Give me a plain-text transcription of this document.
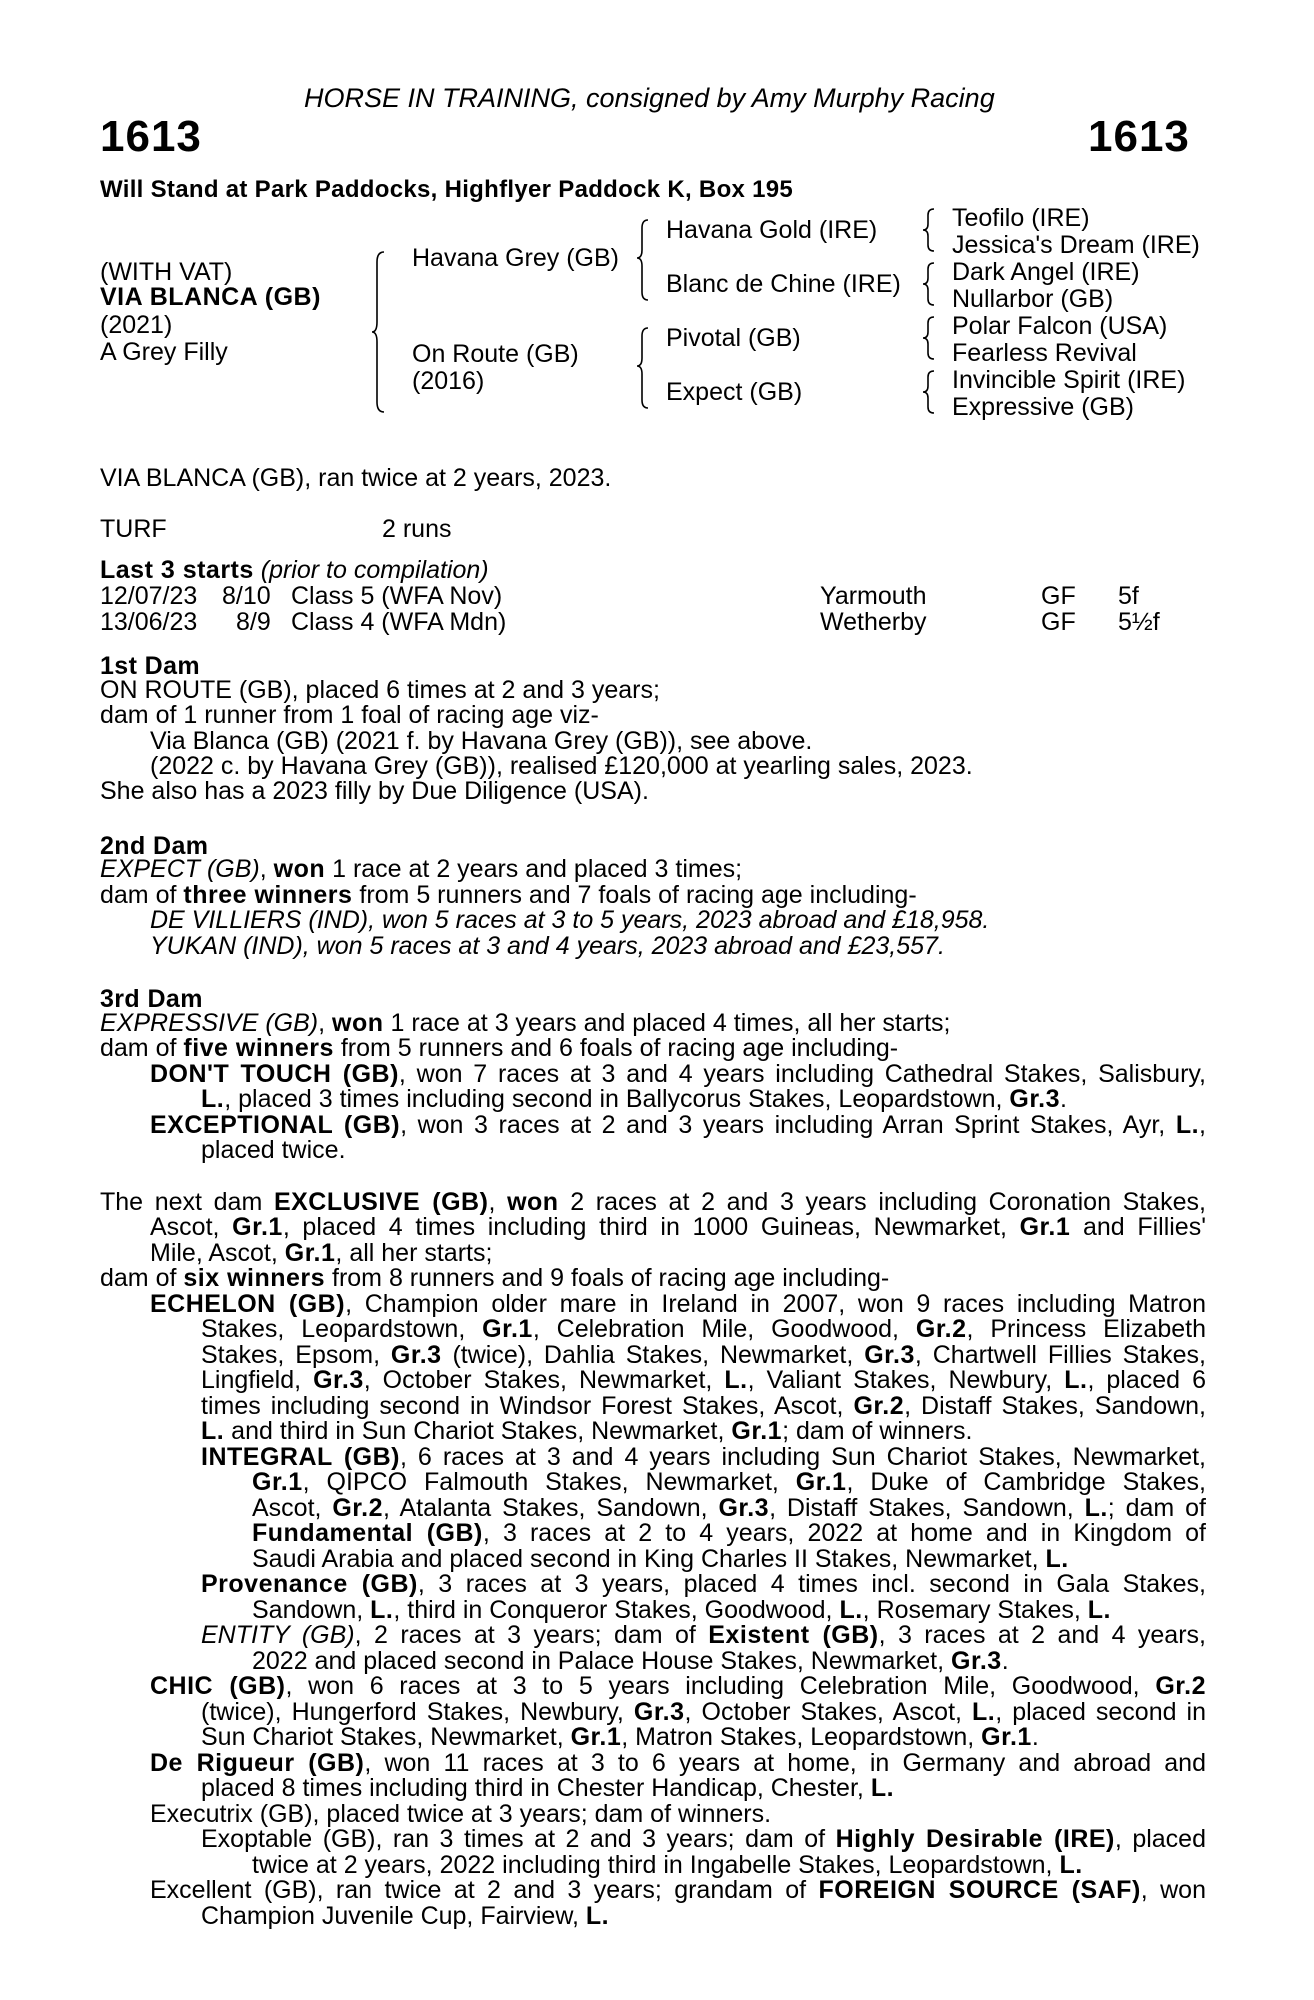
HORSE IN TRAINING, consigned by Amy Murphy Racing
1613	1613
Will Stand at Park Paddocks, Highflyer Paddock K, Box 195
(WITH VAT)
VIA BLANCA (GB)
(2021)
A Grey Filly
Havana Grey (GB)
On Route (GB)
(2016)
Havana Gold (IRE)
Blanc de Chine (IRE)
Pivotal (GB)
Expect (GB)
Teofilo (IRE)
Jessica's Dream (IRE)
Dark Angel (IRE)
Nullarbor (GB)
Polar Falcon (USA)
Fearless Revival
Invincible Spirit (IRE)
Expressive (GB)
VIA BLANCA (GB), ran twice at 2 years, 2023.
TURF	2 runs
Last 3 starts (prior to compilation)
12/07/23 8/10 Class 5 (WFA Nov)	Yarmouth	GF 5f
13/06/23 8/9 Class 4 (WFA Mdn)	Wetherby	GF 5½f
1st Dam
ON ROUTE (GB), placed 6 times at 2 and 3 years;
dam of 1 runner from 1 foal of racing age viz-
Via Blanca (GB) (2021 f. by Havana Grey (GB)), see above.
(2022 c. by Havana Grey (GB)), realised £120,000 at yearling sales, 2023.
She also has a 2023 filly by Due Diligence (USA).
2nd Dam
EXPECT (GB), won 1 race at 2 years and placed 3 times;
dam of three winners from 5 runners and 7 foals of racing age including-
DE VILLIERS (IND), won 5 races at 3 to 5 years, 2023 abroad and £18,958.
YUKAN (IND), won 5 races at 3 and 4 years, 2023 abroad and £23,557.
3rd Dam
EXPRESSIVE (GB), won 1 race at 3 years and placed 4 times, all her starts;
dam of five winners from 5 runners and 6 foals of racing age including-
DON'T TOUCH (GB), won 7 races at 3 and 4 years including Cathedral Stakes, Salisbury,
L., placed 3 times including second in Ballycorus Stakes, Leopardstown, Gr.3.
EXCEPTIONAL (GB), won 3 races at 2 and 3 years including Arran Sprint Stakes, Ayr, L.,
placed twice.
The next dam EXCLUSIVE (GB), won 2 races at 2 and 3 years including Coronation Stakes,
Ascot, Gr.1, placed 4 times including third in 1000 Guineas, Newmarket, Gr.1 and Fillies'
Mile, Ascot, Gr.1, all her starts;
dam of six winners from 8 runners and 9 foals of racing age including-
ECHELON (GB), Champion older mare in Ireland in 2007, won 9 races including Matron
Stakes, Leopardstown, Gr.1, Celebration Mile, Goodwood, Gr.2, Princess Elizabeth
Stakes, Epsom, Gr.3 (twice), Dahlia Stakes, Newmarket, Gr.3, Chartwell Fillies Stakes,
Lingfield, Gr.3, October Stakes, Newmarket, L., Valiant Stakes, Newbury, L., placed 6
times including second in Windsor Forest Stakes, Ascot, Gr.2, Distaff Stakes, Sandown,
L. and third in Sun Chariot Stakes, Newmarket, Gr.1; dam of winners.
INTEGRAL (GB), 6 races at 3 and 4 years including Sun Chariot Stakes, Newmarket,
Gr.1, QIPCO Falmouth Stakes, Newmarket, Gr.1, Duke of Cambridge Stakes,
Ascot, Gr.2, Atalanta Stakes, Sandown, Gr.3, Distaff Stakes, Sandown, L.; dam of
Fundamental (GB), 3 races at 2 to 4 years, 2022 at home and in Kingdom of
Saudi Arabia and placed second in King Charles II Stakes, Newmarket, L.
Provenance (GB), 3 races at 3 years, placed 4 times incl. second in Gala Stakes,
Sandown, L., third in Conqueror Stakes, Goodwood, L., Rosemary Stakes, L.
ENTITY (GB), 2 races at 3 years; dam of Existent (GB), 3 races at 2 and 4 years,
2022 and placed second in Palace House Stakes, Newmarket, Gr.3.
CHIC (GB), won 6 races at 3 to 5 years including Celebration Mile, Goodwood, Gr.2
(twice), Hungerford Stakes, Newbury, Gr.3, October Stakes, Ascot, L., placed second in
Sun Chariot Stakes, Newmarket, Gr.1, Matron Stakes, Leopardstown, Gr.1.
De Rigueur (GB), won 11 races at 3 to 6 years at home, in Germany and abroad and
placed 8 times including third in Chester Handicap, Chester, L.
Executrix (GB), placed twice at 3 years; dam of winners.
Exoptable (GB), ran 3 times at 2 and 3 years; dam of Highly Desirable (IRE), placed
twice at 2 years, 2022 including third in Ingabelle Stakes, Leopardstown, L.
Excellent (GB), ran twice at 2 and 3 years; grandam of FOREIGN SOURCE (SAF), won
Champion Juvenile Cup, Fairview, L.
